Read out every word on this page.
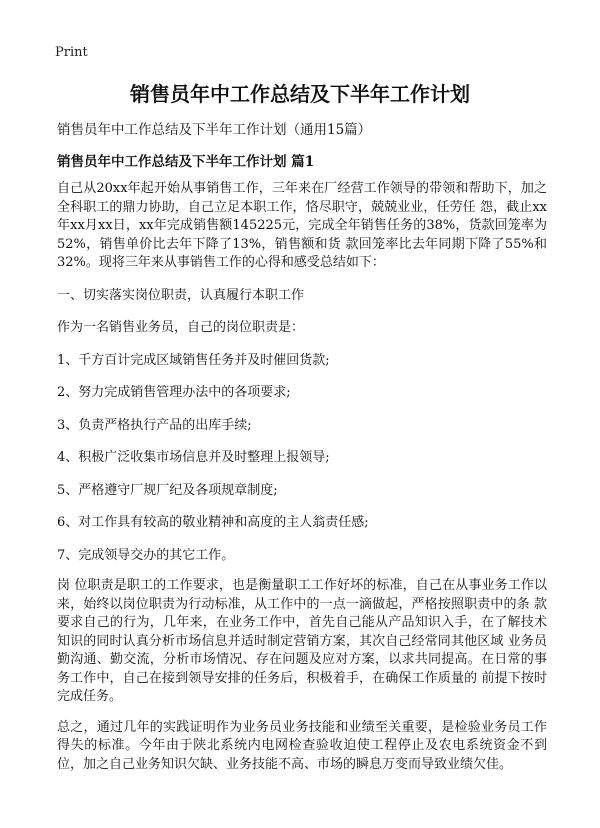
Print
销售员年中工作总结及下半年工作计划

销售员年中工作总结及下半年工作计划（通用15篇）

销售员年中工作总结及下半年工作计划 篇1

自己从20xx年起开始从事销售工作，三年来在厂经营工作领导的带领和帮助下，加之全科职工的鼎力协助，自己立足本职工作，恪尽职守，兢兢业业，任劳任 怨，截止xx年xx月xx日，xx年完成销售额145225元，完成全年销售任务的38%，货款回笼率为52%，销售单价比去年下降了13%，销售额和货 款回笼率比去年同期下降了55%和32%。现将三年来从事销售工作的心得和感受总结如下：

一、切实落实岗位职责，认真履行本职工作

作为一名销售业务员，自己的岗位职责是：

1、千方百计完成区域销售任务并及时催回货款;

2、努力完成销售管理办法中的各项要求;

3、负责严格执行产品的出库手续;

4、积极广泛收集市场信息并及时整理上报领导;

5、严格遵守厂规厂纪及各项规章制度;

6、对工作具有较高的敬业精神和高度的主人翁责任感;

7、完成领导交办的其它工作。

岗 位职责是职工的工作要求，也是衡量职工工作好坏的标准，自己在从事业务工作以来，始终以岗位职责为行动标准，从工作中的一点一滴做起，严格按照职责中的条 款要求自己的行为，几年来，在业务工作中，首先自己能从产品知识入手，在了解技术知识的同时认真分析市场信息并适时制定营销方案，其次自己经常同其他区域 业务员勤沟通、勤交流，分析市场情况、存在问题及应对方案，以求共同提高。在日常的事务工作中，自己在接到领导安排的任务后，积极着手，在确保工作质量的 前提下按时完成任务。

总之，通过几年的实践证明作为业务员业务技能和业绩至关重要，是检验业务员工作得失的标准。今年由于陕北系统内电网检查验收迫使工程停止及农电系统资金不到位，加之自己业务知识欠缺、业务技能不高、市场的瞬息万变而导致业绩欠佳。
